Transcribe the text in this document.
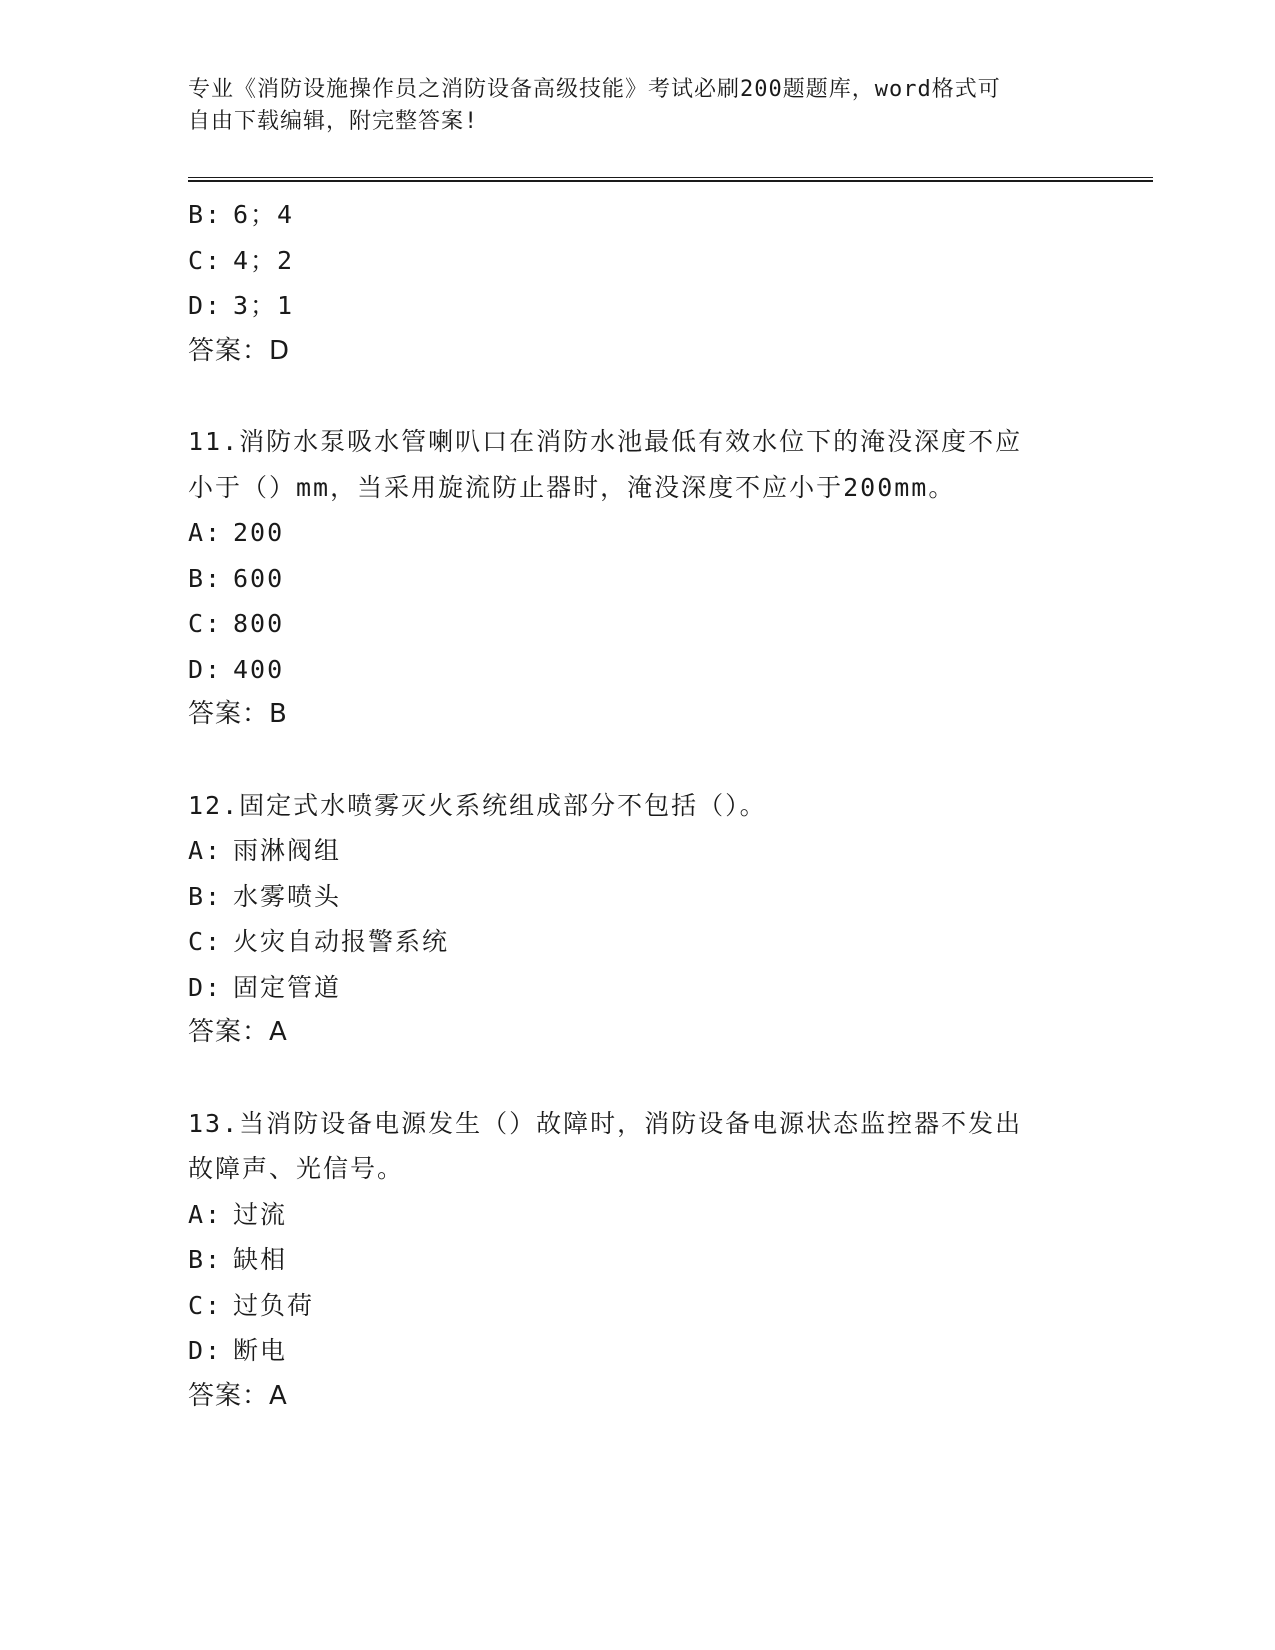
专业《消防设施操作员之消防设备高级技能》考试必刷200题题库，word格式可
自由下载编辑，附完整答案!
B: 6；4
C: 4；2
D: 3；1
答案：D
11.消防水泵吸水管喇叭口在消防水池最低有效水位下的淹没深度不应
小于（）mm，当采用旋流防止器时，淹没深度不应小于200mm。
A: 200
B: 600
C: 800
D: 400
答案：B
12.固定式水喷雾灭火系统组成部分不包括（）。
A: 雨淋阀组
B: 水雾喷头
C: 火灾自动报警系统
D: 固定管道
答案：A
13.当消防设备电源发生（）故障时，消防设备电源状态监控器不发出
故障声、光信号。
A: 过流
B: 缺相
C: 过负荷
D: 断电
答案：A
